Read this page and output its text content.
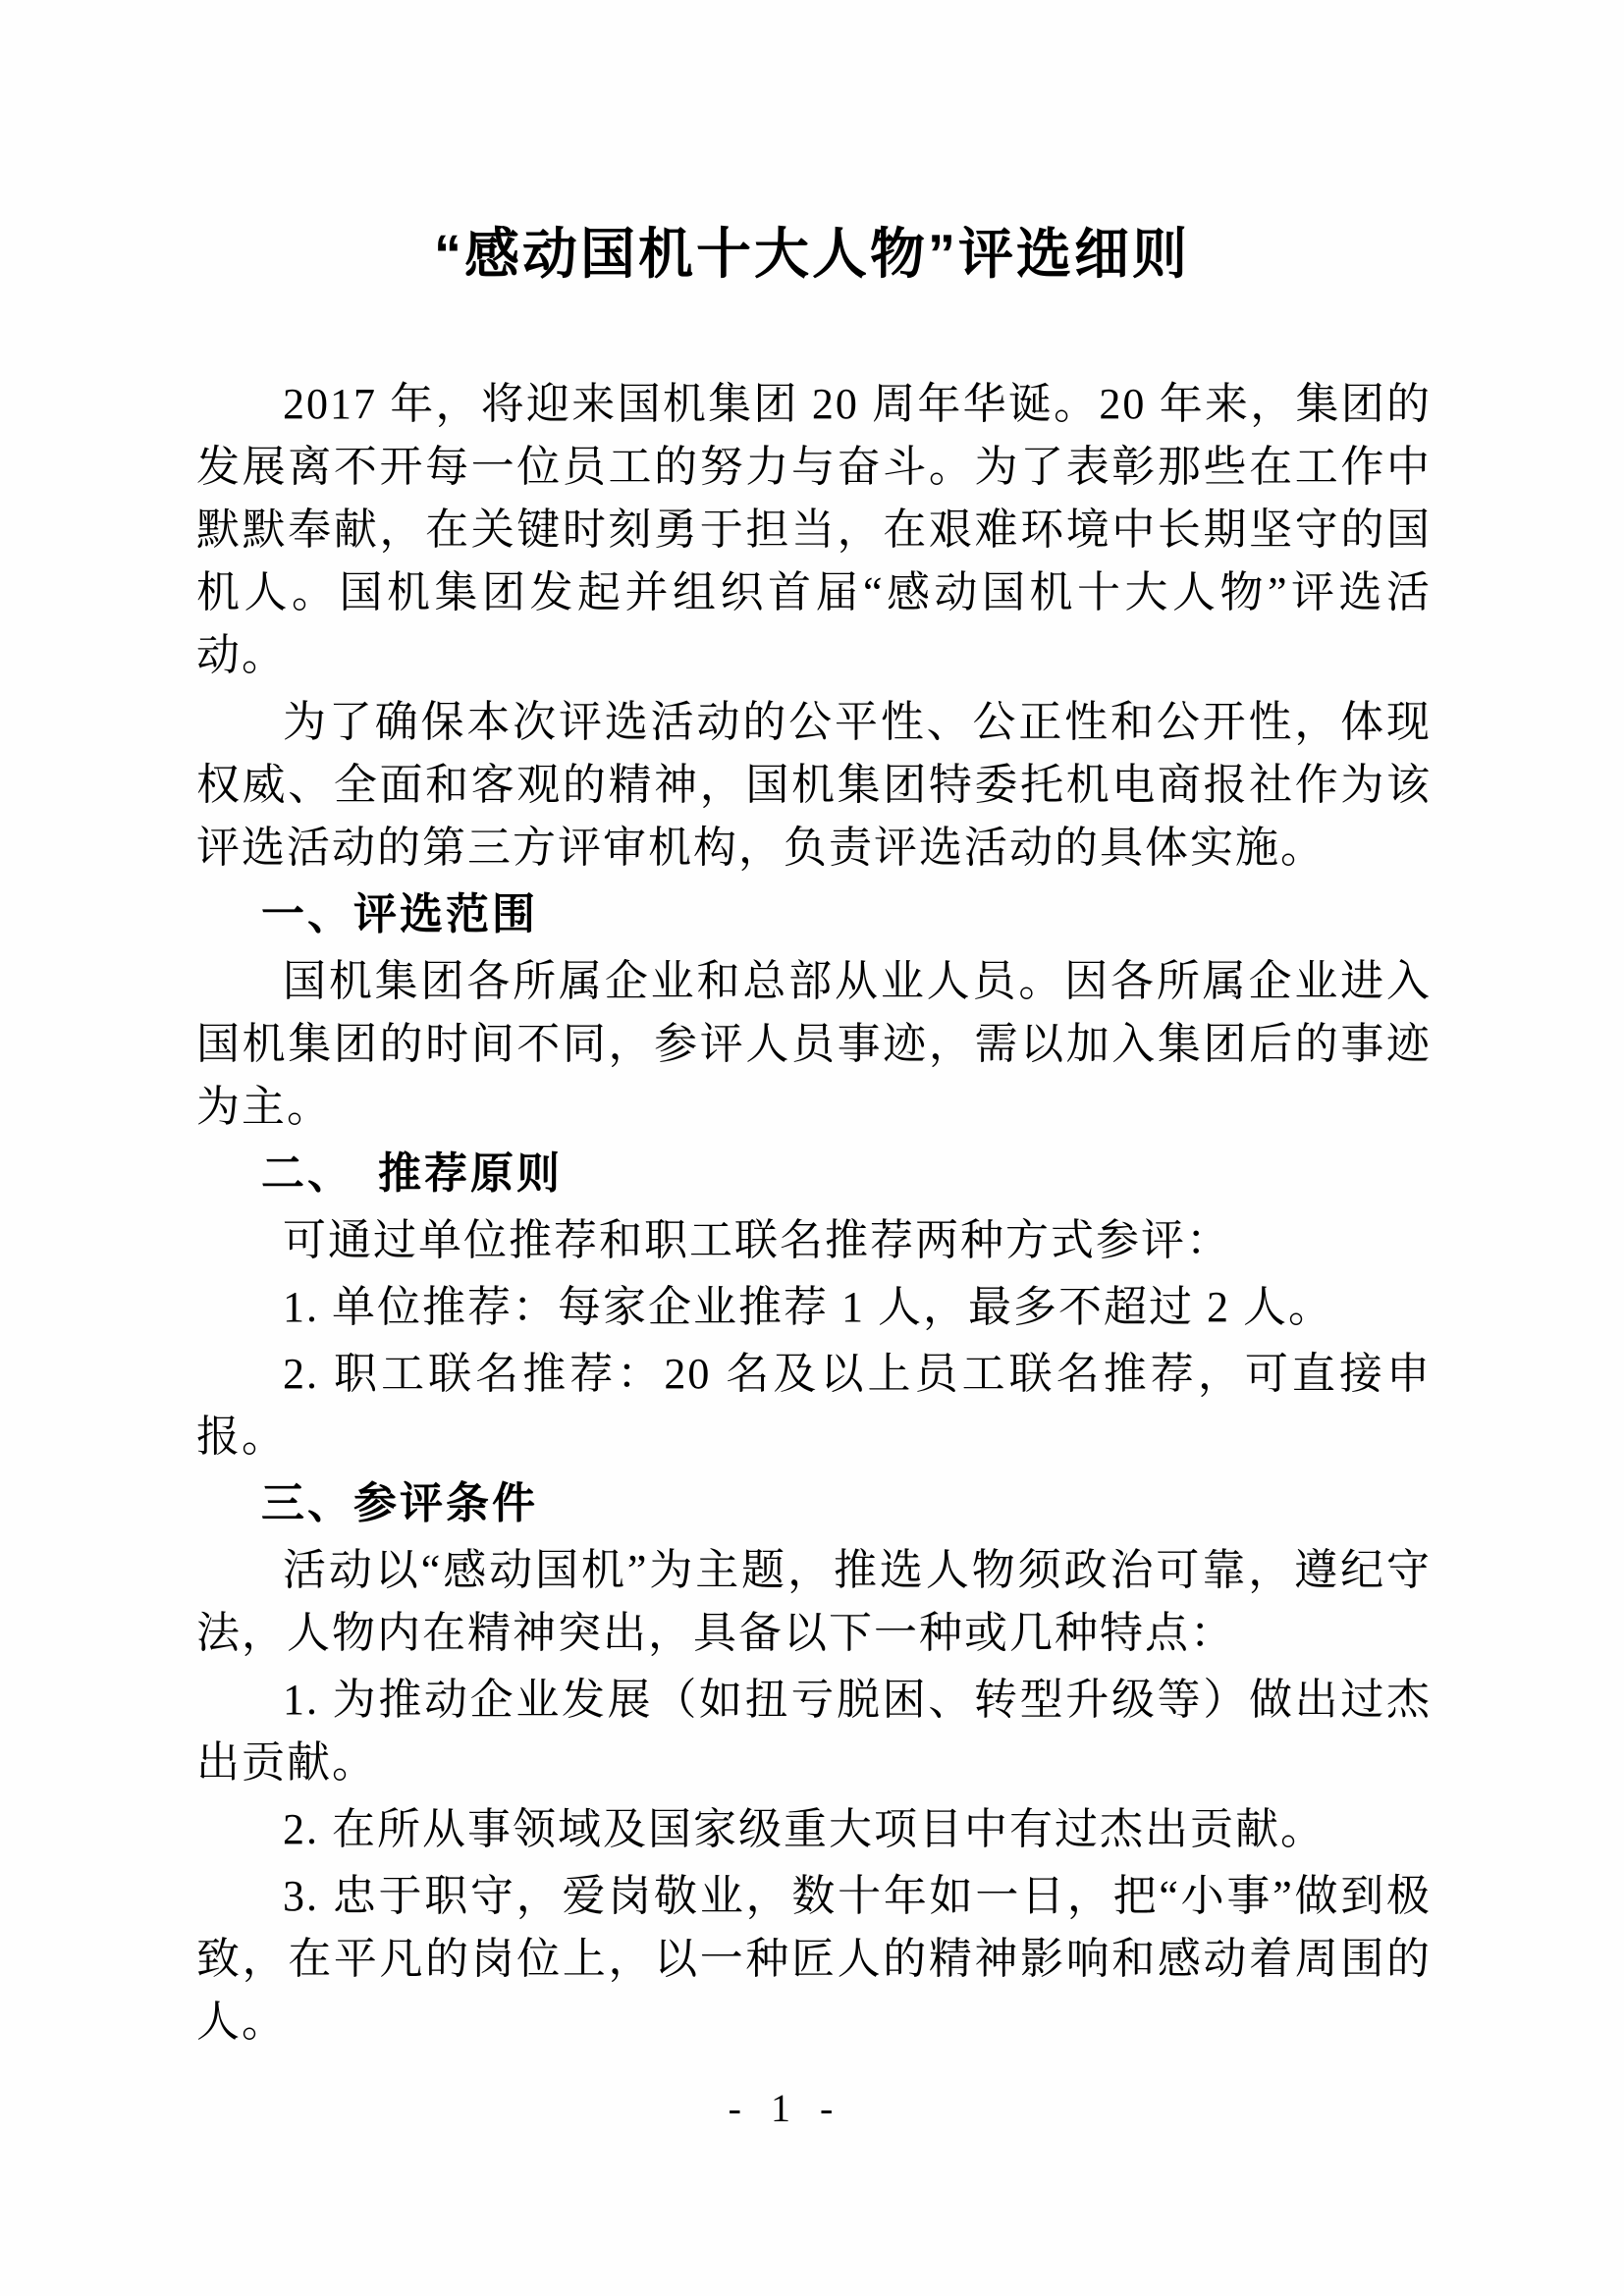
“感动国机十大人物”评选细则

2017 年，将迎来国机集团 20 周年华诞。20 年来，集团的发展离不开每一位员工的努力与奋斗。为了表彰那些在工作中默默奉献，在关键时刻勇于担当，在艰难环境中长期坚守的国机人。国机集团发起并组织首届“感动国机十大人物”评选活动。

为了确保本次评选活动的公平性、公正性和公开性，体现权威、全面和客观的精神，国机集团特委托机电商报社作为该评选活动的第三方评审机构，负责评选活动的具体实施。

一、评选范围

国机集团各所属企业和总部从业人员。因各所属企业进入国机集团的时间不同，参评人员事迹，需以加入集团后的事迹为主。

二、　推荐原则

可通过单位推荐和职工联名推荐两种方式参评：

1. 单位推荐：每家企业推荐 1 人，最多不超过 2 人。

2. 职工联名推荐：20 名及以上员工联名推荐，可直接申报。

三、参评条件

活动以“感动国机”为主题，推选人物须政治可靠，遵纪守法，人物内在精神突出，具备以下一种或几种特点：

1. 为推动企业发展（如扭亏脱困、转型升级等）做出过杰出贡献。

2. 在所从事领域及国家级重大项目中有过杰出贡献。

3. 忠于职守，爱岗敬业，数十年如一日，把“小事”做到极致，在平凡的岗位上，以一种匠人的精神影响和感动着周围的人。

- 1 -
